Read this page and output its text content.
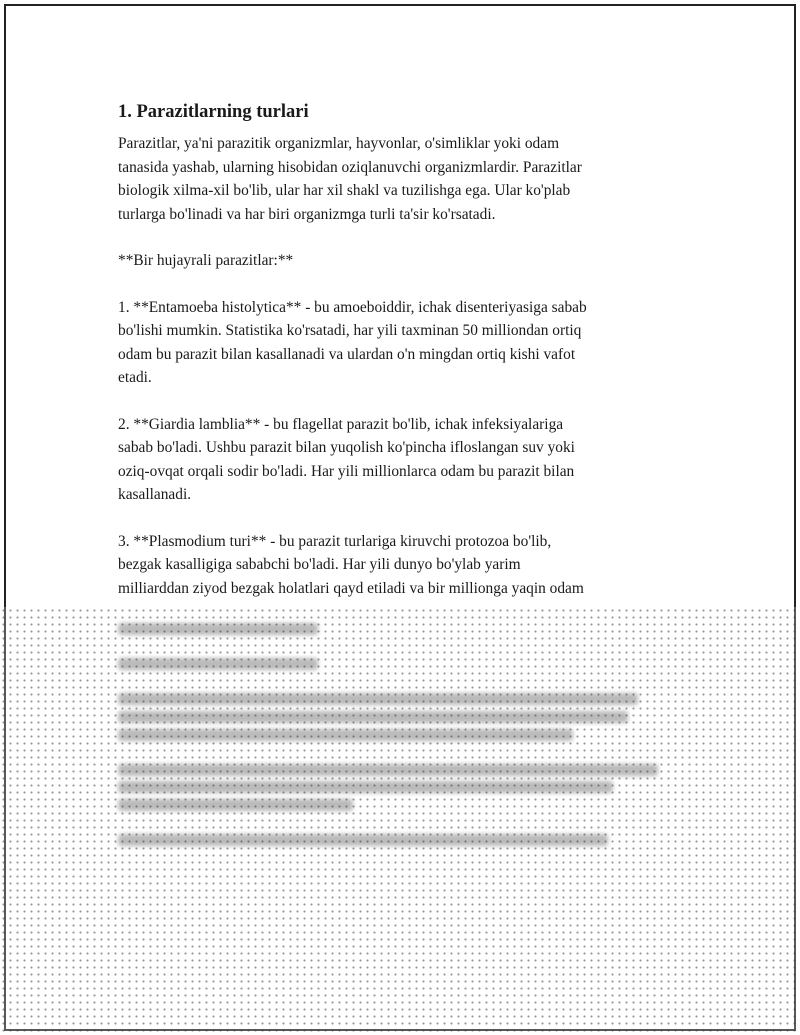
1. Parazitlarning turlari
Parazitlar, ya'ni parazitik organizmlar, hayvonlar, o'simliklar yoki odam
tanasida yashab, ularning hisobidan oziqlanuvchi organizmlardir. Parazitlar
biologik xilma-xil bo'lib, ular har xil shakl va tuzilishga ega. Ular ko'plab
turlarga bo'linadi va har biri organizmga turli ta'sir ko'rsatadi.
**Bir hujayrali parazitlar:**
1. **Entamoeba histolytica** - bu amoeboiddir, ichak disenteriyasiga sabab
bo'lishi mumkin. Statistika ko'rsatadi, har yili taxminan 50 milliondan ortiq
odam bu parazit bilan kasallanadi va ulardan o'n mingdan ortiq kishi vafot
etadi.
2. **Giardia lamblia** - bu flagellat parazit bo'lib, ichak infeksiyalariga
sabab bo'ladi. Ushbu parazit bilan yuqolish ko'pincha ifloslangan suv yoki
oziq-ovqat orqali sodir bo'ladi. Har yili millionlarca odam bu parazit bilan
kasallanadi.
3. **Plasmodium turi** - bu parazit turlariga kiruvchi protozoa bo'lib,
bezgak kasalligiga sababchi bo'ladi. Har yili dunyo bo'ylab yarim
milliarddan ziyod bezgak holatlari qayd etiladi va bir millionga yaqin odam
